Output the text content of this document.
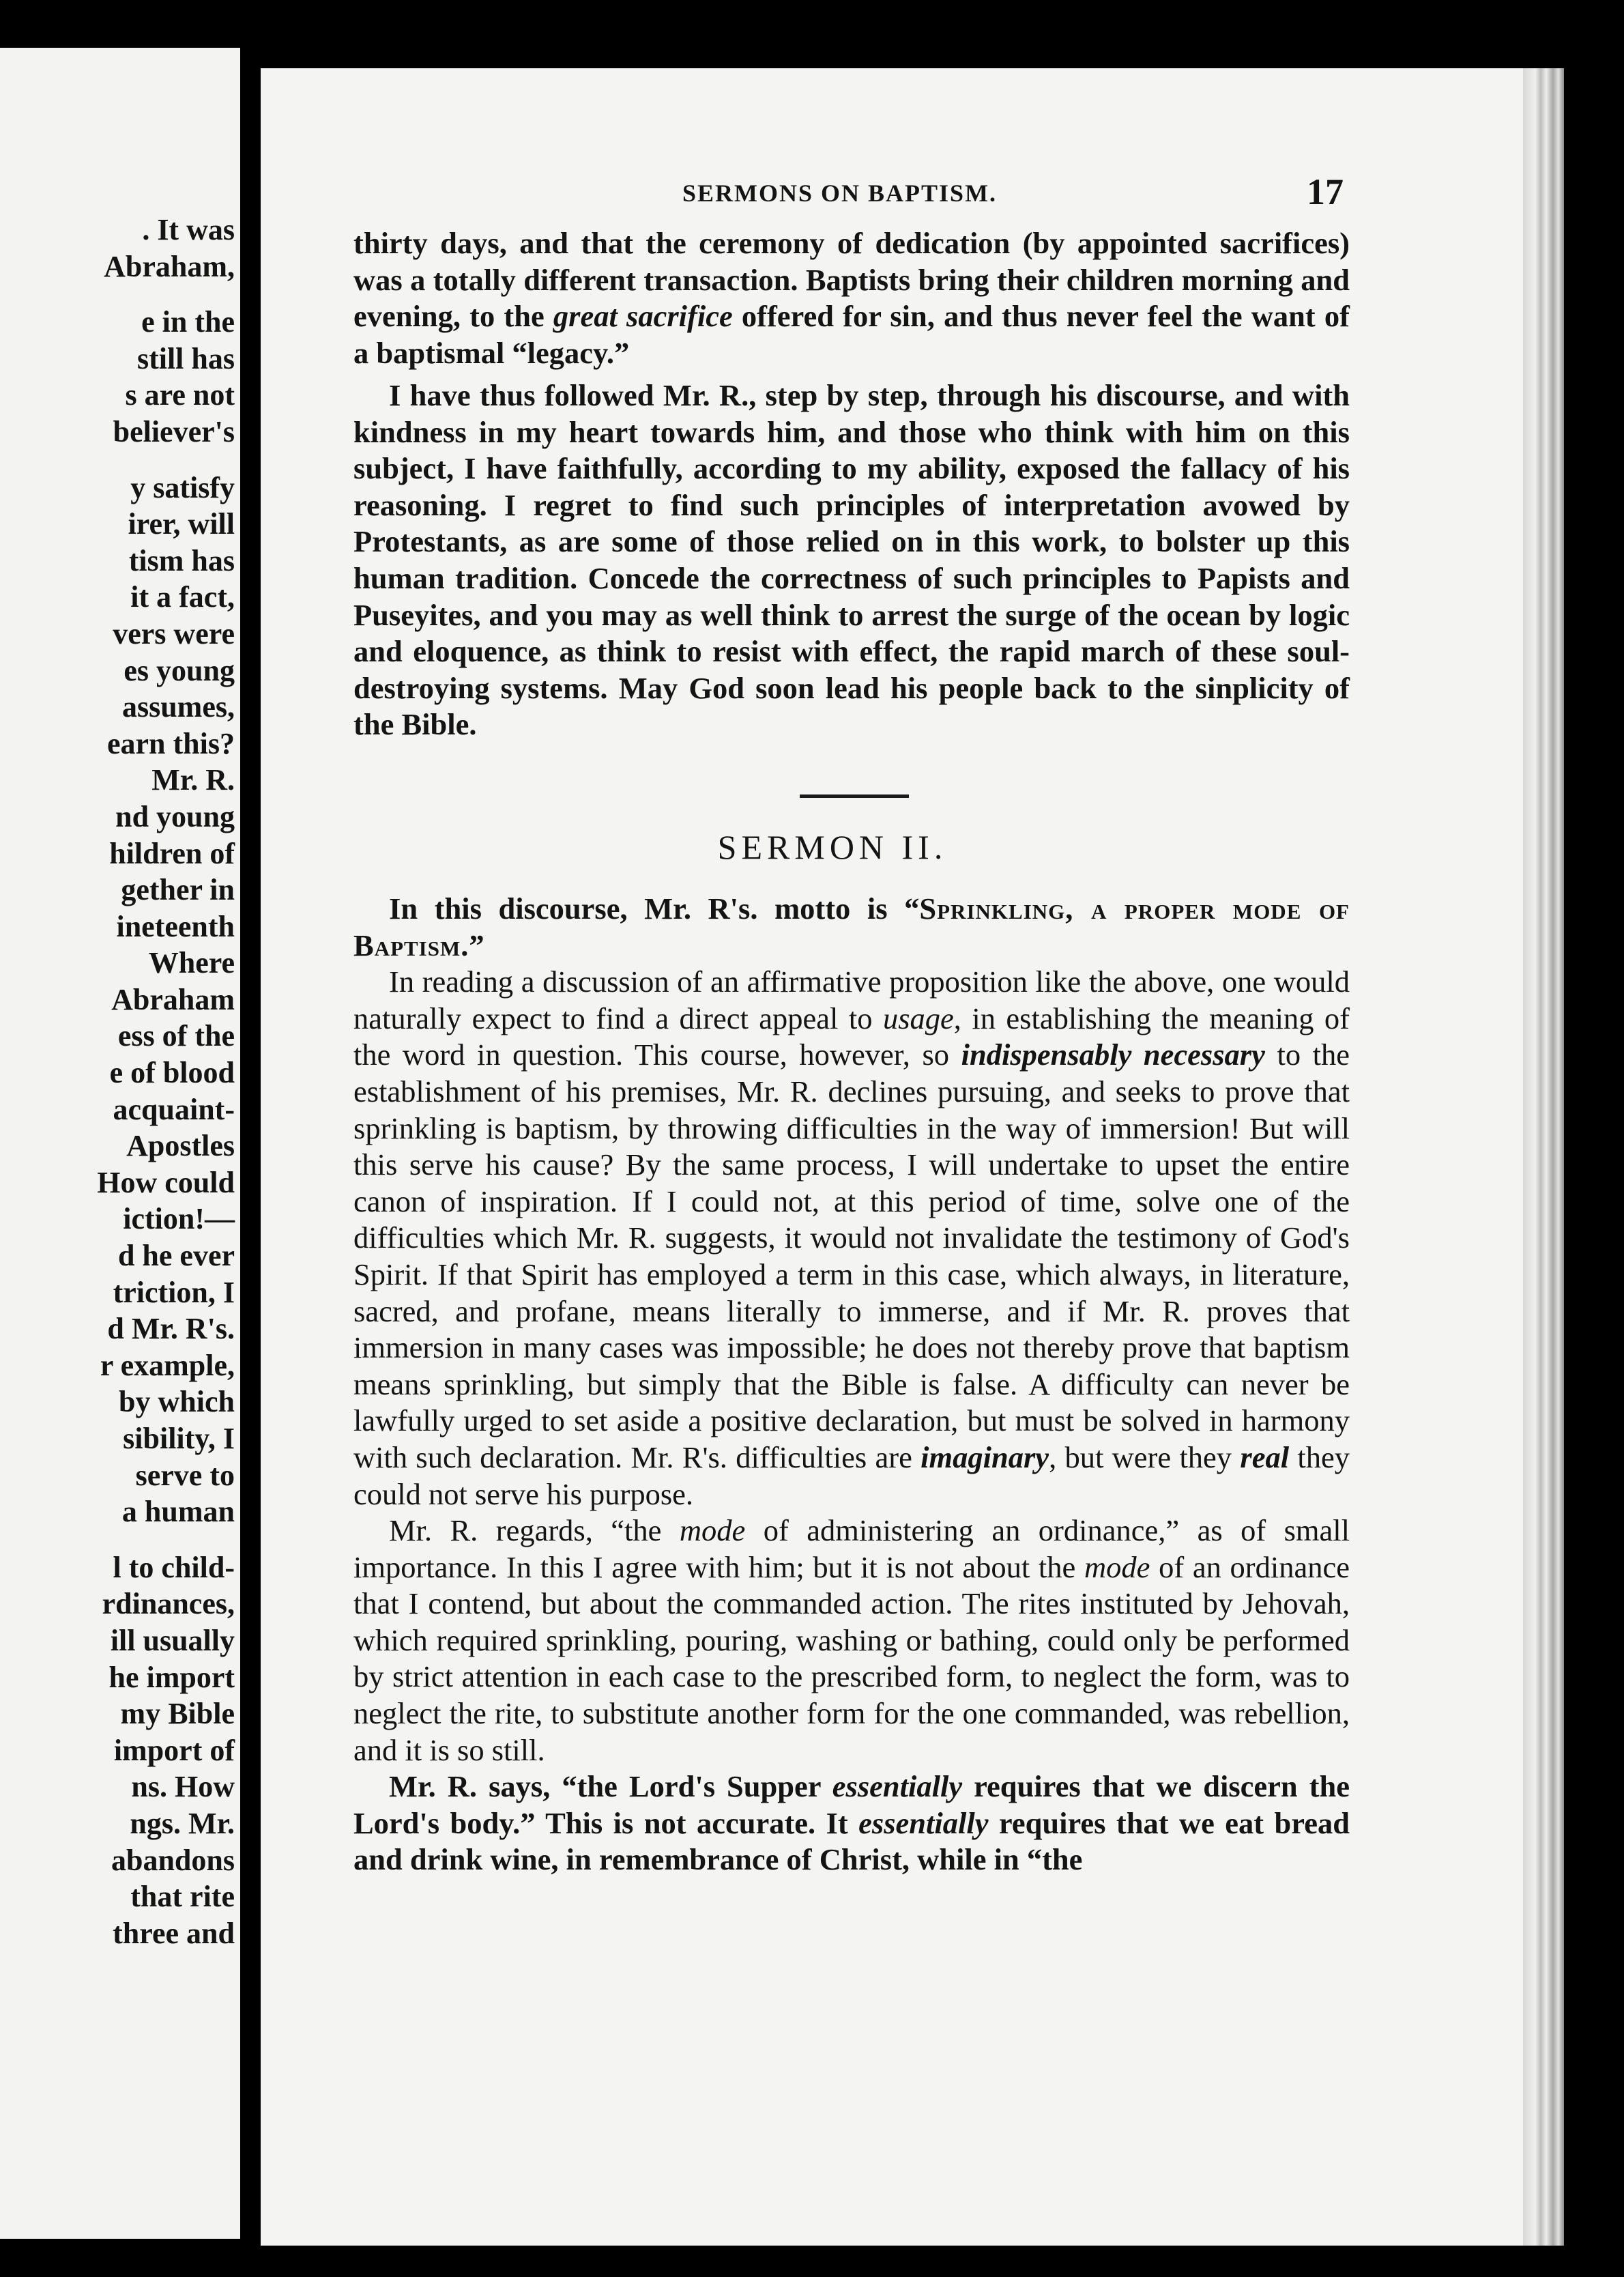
. It was
Abraham,
e in the
still has
s are not
believer's
y satisfy
irer, will
tism has
it a fact,
vers were
es young
assumes,
earn this?
Mr. R.
nd young
hildren of
gether in
ineteenth
Where
Abraham
ess of the
e of blood
acquaint-
Apostles
How could
iction!—
d he ever
triction, I
d Mr. R's.
r example,
by which
sibility, I
serve to
a human
l to child-
rdinances,
ill usually
he import
my Bible
import of
ns. How
ngs. Mr.
abandons
that rite
three and
SERMONS ON BAPTISM.	17

thirty days, and that the ceremony of dedication (by appointed sacrifices) was a totally different transaction. Baptists bring their children morning and evening, to the great sacrifice offered for sin, and thus never feel the want of a baptismal “legacy.”

I have thus followed Mr. R., step by step, through his discourse, and with kindness in my heart towards him, and those who think with him on this subject, I have faithfully, according to my ability, exposed the fallacy of his reasoning. I regret to find such principles of interpretation avowed by Protestants, as are some of those relied on in this work, to bolster up this human tradition. Concede the correctness of such principles to Papists and Puseyites, and you may as well think to arrest the surge of the ocean by logic and eloquence, as think to resist with effect, the rapid march of these soul-destroying systems. May God soon lead his people back to the sinplicity of the Bible.

SERMON II.

In this discourse, Mr. R's. motto is “Sprinkling, a proper mode of Baptism.”

In reading a discussion of an affirmative proposition like the above, one would naturally expect to find a direct appeal to usage, in establishing the meaning of the word in question. This course, however, so indispensably necessary to the establishment of his premises, Mr. R. declines pursuing, and seeks to prove that sprinkling is baptism, by throwing difficulties in the way of immersion! But will this serve his cause? By the same process, I will undertake to upset the entire canon of inspiration. If I could not, at this period of time, solve one of the difficulties which Mr. R. suggests, it would not invalidate the testimony of God's Spirit. If that Spirit has employed a term in this case, which always, in literature, sacred, and profane, means literally to immerse, and if Mr. R. proves that immersion in many cases was impossible; he does not thereby prove that baptism means sprinkling, but simply that the Bible is false. A difficulty can never be lawfully urged to set aside a positive declaration, but must be solved in harmony with such declaration. Mr. R's. difficulties are imaginary, but were they real they could not serve his purpose.

Mr. R. regards, “the mode of administering an ordinance,” as of small importance. In this I agree with him; but it is not about the mode of an ordinance that I contend, but about the commanded action. The rites instituted by Jehovah, which required sprinkling, pouring, washing or bathing, could only be performed by strict attention in each case to the prescribed form, to neglect the form, was to neglect the rite, to substitute another form for the one commanded, was rebellion, and it is so still.

Mr. R. says, “the Lord's Supper essentially requires that we discern the Lord's body.” This is not accurate. It essentially requires that we eat bread and drink wine, in remembrance of Christ, while in “the
